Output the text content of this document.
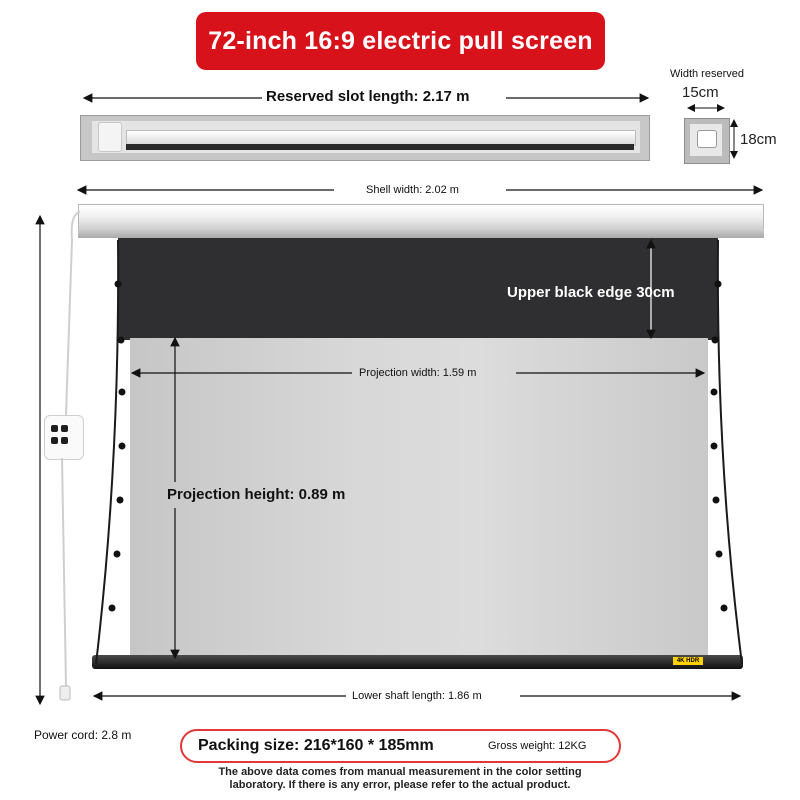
72-inch 16:9 electric pull screen
4K HDR
Reserved slot length: 2.17 m
Width reserved
15cm
18cm
Shell width: 2.02 m
Upper black edge 30cm
Projection width: 1.59 m
Projection height: 0.89 m
Lower shaft length: 1.86 m
Power cord: 2.8 m
Packing size: 216*160 * 185mm	Gross weight: 12KG
The above data comes from manual measurement in the color setting
laboratory. If there is any error, please refer to the actual product.
